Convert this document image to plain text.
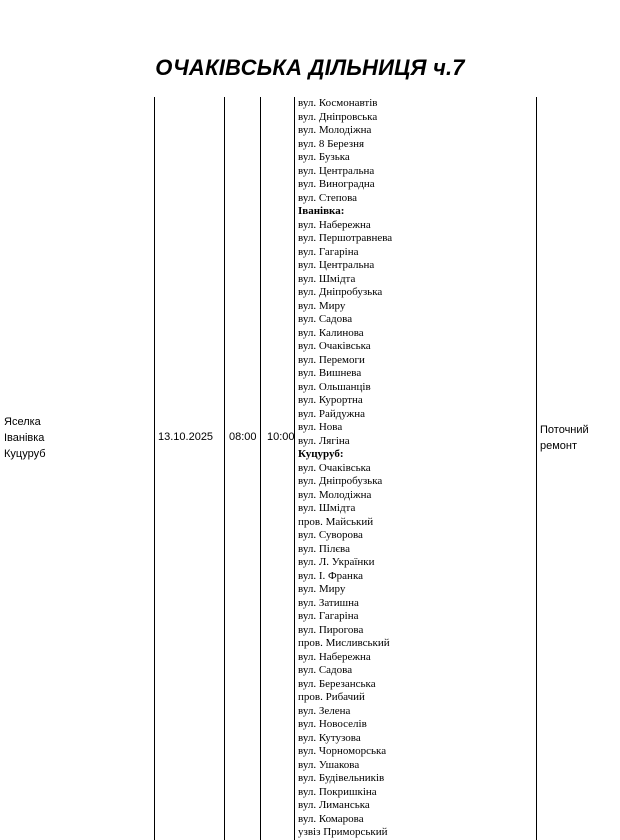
ОЧАКІВСЬКА ДІЛЬНИЦЯ ч.7
Яселка
Іванівка
Куцуруб
13.10.2025 08:00 10:00
Поточний
ремонт
вул. Космонавтів
вул. Дніпровська
вул. Молодіжна
вул. 8 Березня
вул. Бузька
вул. Центральна
вул. Виноградна
вул. Степова
Іванівка:
вул. Набережна
вул. Першотравнева
вул. Гагаріна
вул. Центральна
вул. Шмідта
вул. Дніпробузька
вул. Миру
вул. Садова
вул. Калинова
вул. Очаківська
вул. Перемоги
вул. Вишнева
вул. Ольшанців
вул. Курортна
вул. Райдужна
вул. Нова
вул. Лягіна
Куцуруб:
вул. Очаківська
вул. Дніпробузька
вул. Молодіжна
вул. Шмідта
пров. Майський
вул. Суворова
вул. Пілєва
вул. Л. Українки
вул. І. Франка
вул. Миру
вул. Затишна
вул. Гагаріна
вул. Пирогова
пров. Мисливський
вул. Набережна
вул. Садова
вул. Березанська
пров. Рибачий
вул. Зелена
вул. Новоселів
вул. Кутузова
вул. Чорноморська
вул. Ушакова
вул. Будівельників
вул. Покришкіна
вул. Лиманська
вул. Комарова
узвіз Приморський
